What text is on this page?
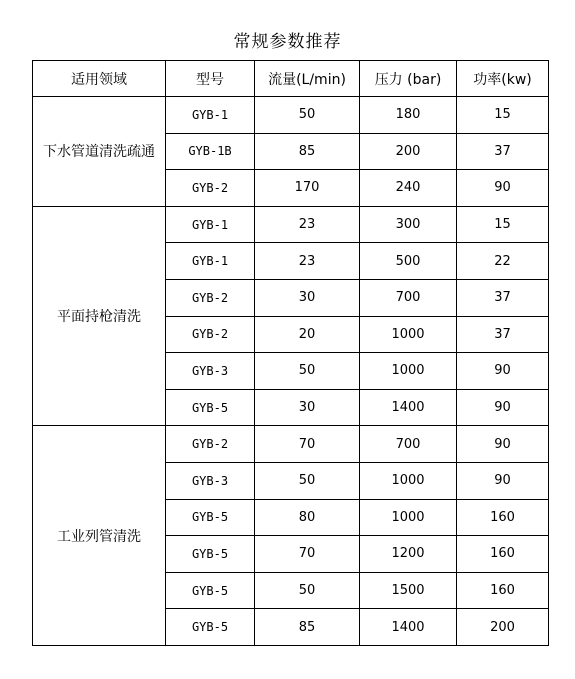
常规参数推荐
适用领域	型号	流量(L/min)	压力 (bar)	功率(kw)
下水管道清洗疏通	GYB-1	50	180	15
	GYB-1B	85	200	37
	GYB-2	170	240	90
平面持枪清洗	GYB-1	23	300	15
	GYB-1	23	500	22
	GYB-2	30	700	37
	GYB-2	20	1000	37
	GYB-3	50	1000	90
	GYB-5	30	1400	90
工业列管清洗	GYB-2	70	700	90
	GYB-3	50	1000	90
	GYB-5	80	1000	160
	GYB-5	70	1200	160
	GYB-5	50	1500	160
	GYB-5	85	1400	200
